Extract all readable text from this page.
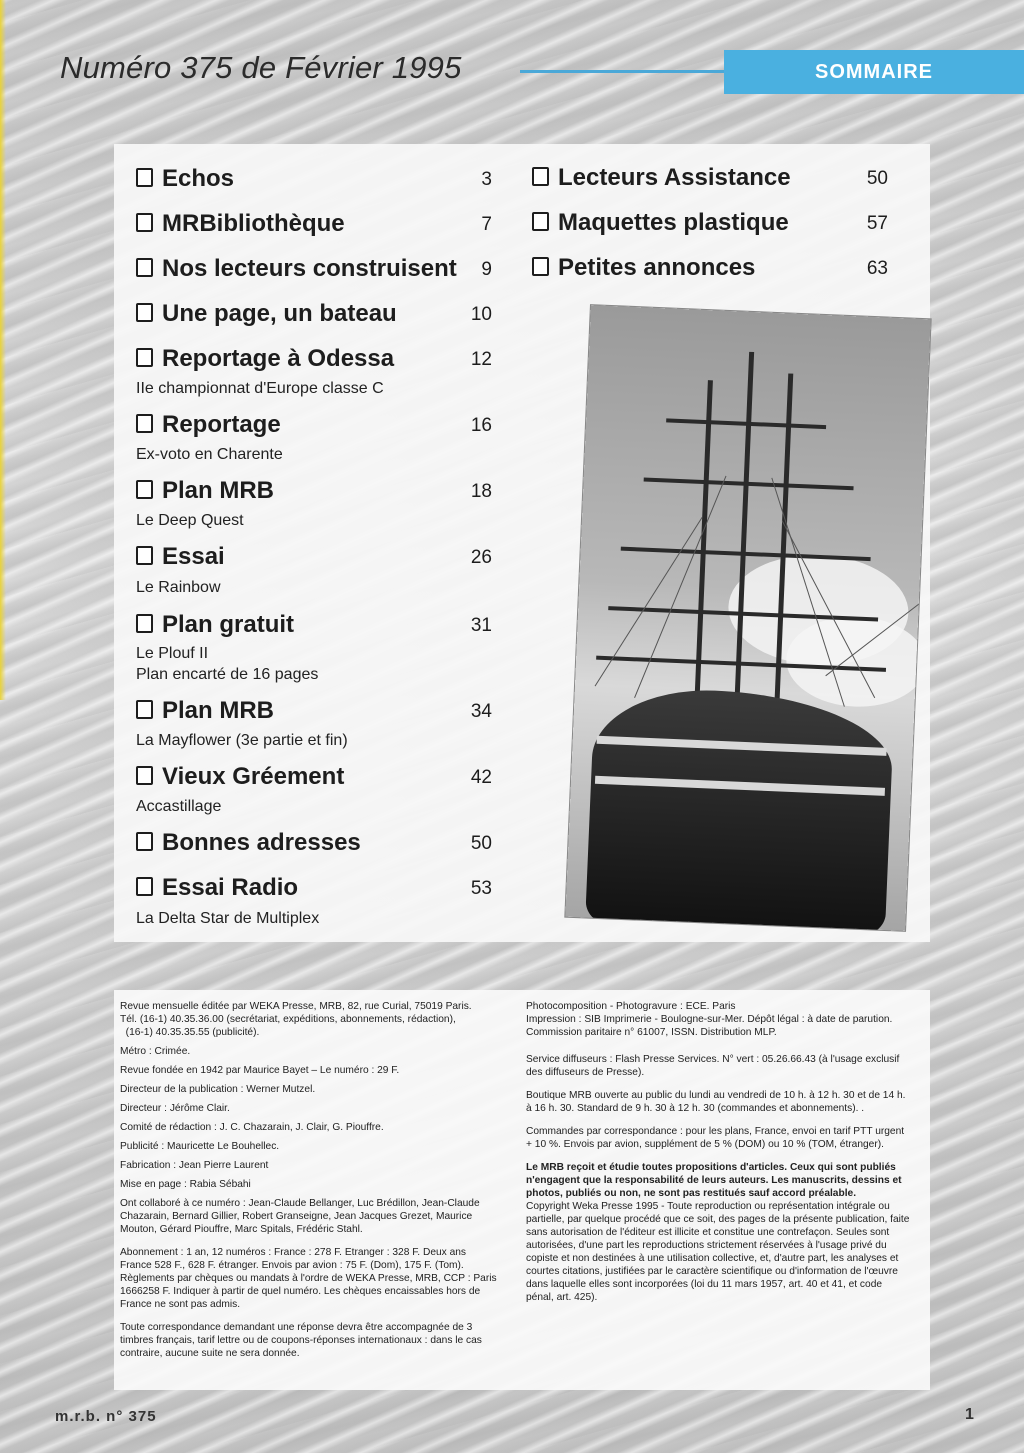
Numéro 375 de Février 1995	SOMMAIRE
Echos	3
MRBibliothèque	7
Nos lecteurs construisent	9
Une page, un bateau	10
Reportage à Odessa	12
IIe championnat d'Europe classe C
Reportage	16
Ex-voto en Charente
Plan MRB	18
Le Deep Quest
Essai	26
Le Rainbow
Plan gratuit	31
Le Plouf II
Plan encarté de 16 pages
Plan MRB	34
La Mayflower (3e partie et fin)
Vieux Gréement	42
Accastillage
Bonnes adresses	50
Essai Radio	53
La Delta Star de Multiplex
Lecteurs Assistance	50
Maquettes plastique	57
Petites annonces	63

Revue mensuelle éditée par WEKA Presse, MRB, 82, rue Curial, 75019 Paris.
Tél. (16-1) 40.35.36.00 (secrétariat, expéditions, abonnements, rédaction),
(16-1) 40.35.35.55 (publicité).

Métro : Crimée.

Revue fondée en 1942 par Maurice Bayet – Le numéro : 29 F.

Directeur de la publication : Werner Mutzel.

Directeur : Jérôme Clair.

Comité de rédaction : J. C. Chazarain, J. Clair, G. Piouffre.

Publicité : Mauricette Le Bouhellec.

Fabrication : Jean Pierre Laurent

Mise en page : Rabia Sébahi

Ont collaboré à ce numéro : Jean-Claude Bellanger, Luc Brédillon, Jean-Claude Chazarain, Bernard Gillier, Robert Granseigne, Jean Jacques Grezet, Maurice Mouton, Gérard Piouffre, Marc Spitals, Frédéric Stahl.

Abonnement : 1 an, 12 numéros : France : 278 F. Etranger : 328 F. Deux ans France 528 F., 628 F. étranger. Envois par avion : 75 F. (Dom), 175 F. (Tom). Règlements par chèques ou mandats à l'ordre de WEKA Presse, MRB, CCP : Paris 1666258 F. Indiquer à partir de quel numéro. Les chèques encaissables hors de France ne sont pas admis.

Toute correspondance demandant une réponse devra être accompagnée de 3 timbres français, tarif lettre ou de coupons-réponses internationaux : dans le cas contraire, aucune suite ne sera donnée.

Photocomposition - Photogravure : ECE. Paris

Impression : SIB Imprimerie - Boulogne-sur-Mer. Dépôt légal : à date de parution. Commission paritaire n° 61007, ISSN. Distribution MLP.

Service diffuseurs : Flash Presse Services. N° vert : 05.26.66.43 (à l'usage exclusif des diffuseurs de Presse).

Boutique MRB ouverte au public du lundi au vendredi de 10 h. à 12 h. 30 et de 14 h. à 16 h. 30. Standard de 9 h. 30 à 12 h. 30 (commandes et abonnements). .

Commandes par correspondance : pour les plans, France, envoi en tarif PTT urgent + 10 %. Envois par avion, supplément de 5 % (DOM) ou 10 % (TOM, étranger).

Le MRB reçoit et étudie toutes propositions d'articles. Ceux qui sont publiés n'engagent que la responsabilité de leurs auteurs. Les manuscrits, dessins et photos, publiés ou non, ne sont pas restitués sauf accord préalable.

Copyright Weka Presse 1995 - Toute reproduction ou représentation intégrale ou partielle, par quelque procédé que ce soit, des pages de la présente publication, faite sans autorisation de l'éditeur est illicite et constitue une contrefaçon. Seules sont autorisées, d'une part les reproductions strictement réservées à l'usage privé du copiste et non destinées à une utilisation collective, et, d'autre part, les analyses et courtes citations, justifiées par le caractère scientifique ou d'information de l'œuvre dans laquelle elles sont incorporées (loi du 11 mars 1957, art. 40 et 41, et code pénal, art. 425).

m.r.b. n° 375	1
